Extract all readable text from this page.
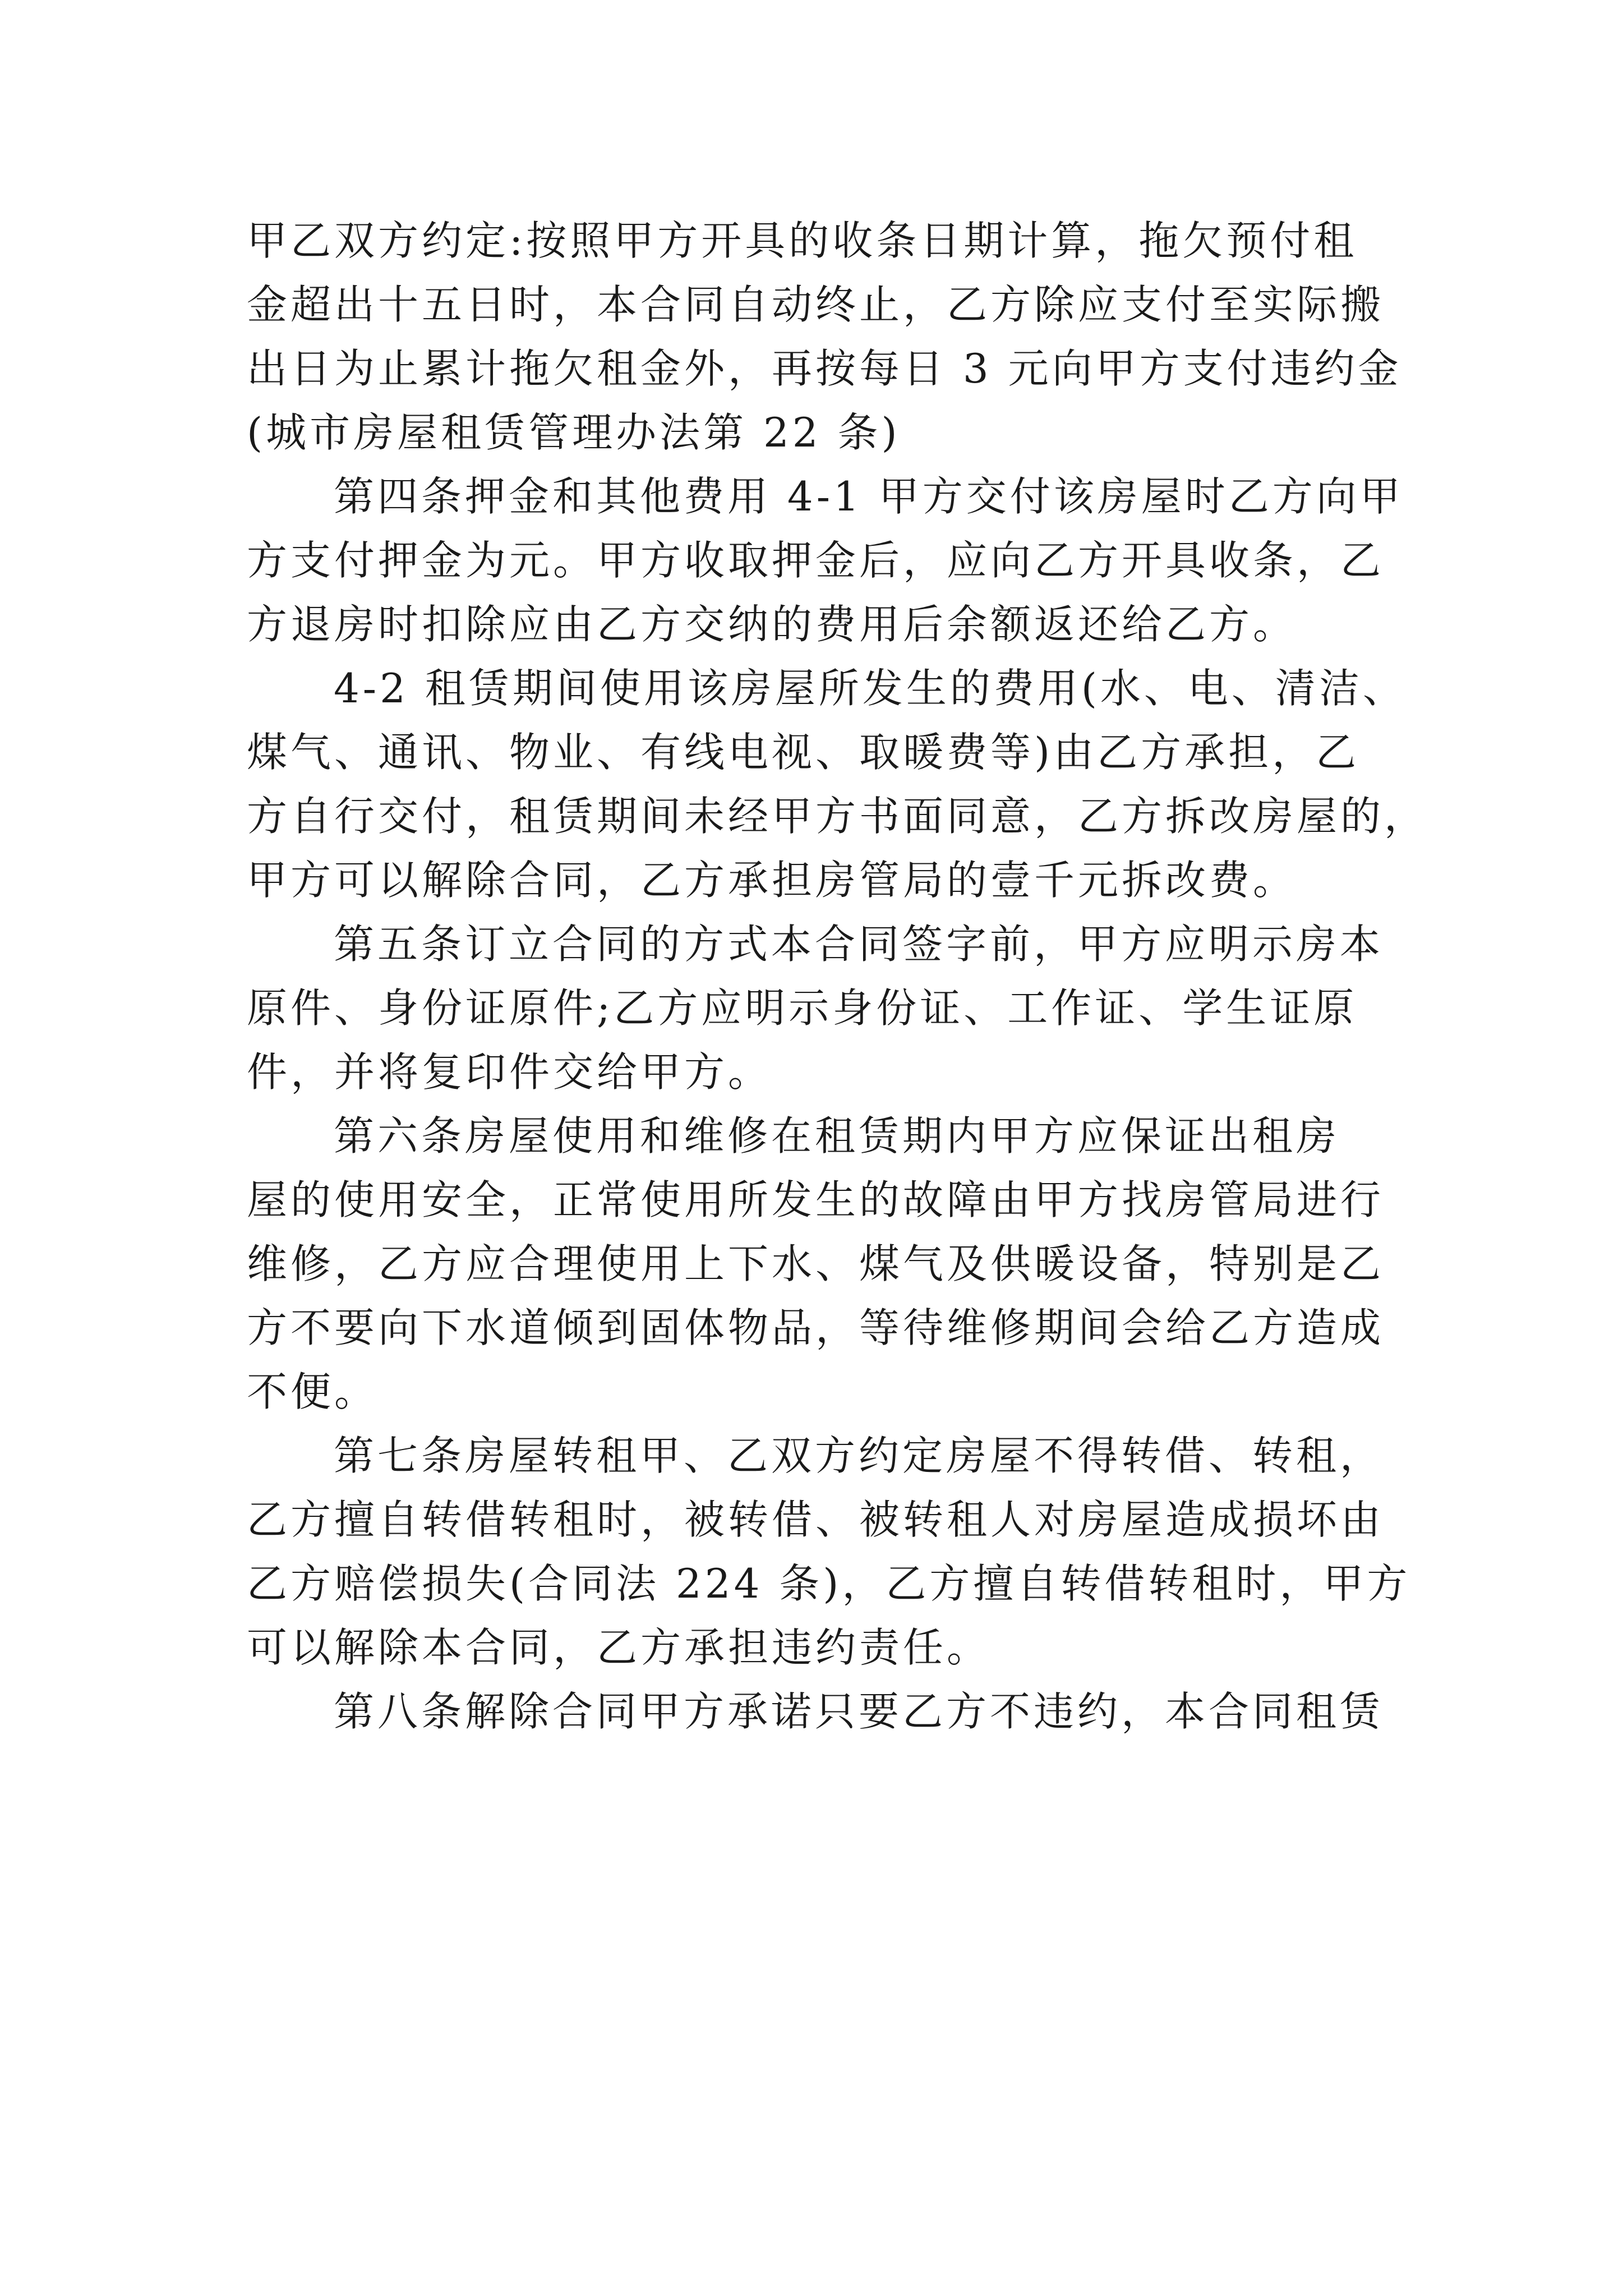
甲乙双方约定:按照甲方开具的收条日期计算，拖欠预付租
金超出十五日时，本合同自动终止，乙方除应支付至实际搬
出日为止累计拖欠租金外，再按每日 3 元向甲方支付违约金
(城市房屋租赁管理办法第 22 条)
第四条押金和其他费用 4-1 甲方交付该房屋时乙方向甲
方支付押金为元。甲方收取押金后，应向乙方开具收条，乙
方退房时扣除应由乙方交纳的费用后余额返还给乙方。
4-2 租赁期间使用该房屋所发生的费用(水、电、清洁、
煤气、通讯、物业、有线电视、取暖费等)由乙方承担，乙
方自行交付，租赁期间未经甲方书面同意，乙方拆改房屋的，
甲方可以解除合同，乙方承担房管局的壹千元拆改费。
第五条订立合同的方式本合同签字前，甲方应明示房本
原件、身份证原件;乙方应明示身份证、工作证、学生证原
件，并将复印件交给甲方。
第六条房屋使用和维修在租赁期内甲方应保证出租房
屋的使用安全，正常使用所发生的故障由甲方找房管局进行
维修，乙方应合理使用上下水、煤气及供暖设备，特别是乙
方不要向下水道倾到固体物品，等待维修期间会给乙方造成
不便。
第七条房屋转租甲、乙双方约定房屋不得转借、转租，
乙方擅自转借转租时，被转借、被转租人对房屋造成损坏由
乙方赔偿损失(合同法 224 条)，乙方擅自转借转租时，甲方
可以解除本合同，乙方承担违约责任。
第八条解除合同甲方承诺只要乙方不违约，本合同租赁
